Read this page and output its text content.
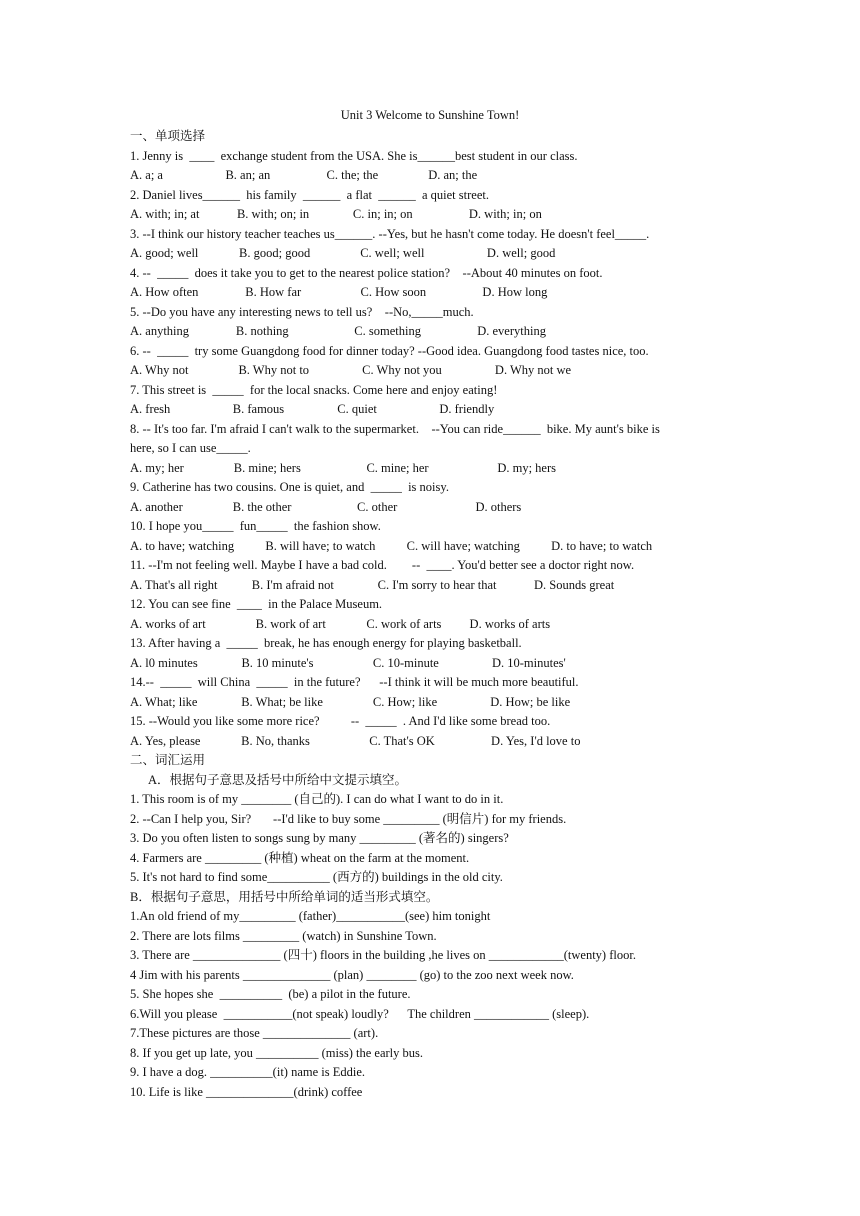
Unit 3 Welcome to Sunshine Town!
一、单项选择
1. Jenny is  ____  exchange student from the USA. She is______best student in our class.
A. a; a                    B. an; an                  C. the; the                D. an; the
2. Daniel lives______  his family  ______  a flat  ______  a quiet street.
A. with; in; at            B. with; on; in              C. in; in; on                  D. with; in; on
3. --I think our history teacher teaches us______. --Yes, but he hasn't come today. He doesn't feel_____.
A. good; well             B. good; good                C. well; well                    D. well; good
4. --  _____  does it take you to get to the nearest police station?    --About 40 minutes on foot.
A. How often               B. How far                   C. How soon                  D. How long
5. --Do you have any interesting news to tell us?    --No,_____much.
A. anything               B. nothing                     C. something                  D. everything
6. --  _____  try some Guangdong food for dinner today? --Good idea. Guangdong food tastes nice, too.
A. Why not                B. Why not to                 C. Why not you                 D. Why not we
7. This street is  _____  for the local snacks. Come here and enjoy eating!
A. fresh                    B. famous                 C. quiet                    D. friendly
8. -- It's too far. I'm afraid I can't walk to the supermarket.    --You can ride______  bike. My aunt's bike is
here, so I can use_____.
A. my; her                B. mine; hers                     C. mine; her                      D. my; hers
9. Catherine has two cousins. One is quiet, and  _____  is noisy.
A. another                B. the other                     C. other                         D. others
10. I hope you_____  fun_____  the fashion show.
A. to have; watching          B. will have; to watch          C. will have; watching          D. to have; to watch
11. --I'm not feeling well. Maybe I have a bad cold.        --  ____. You'd better see a doctor right now.
A. That's all right           B. I'm afraid not              C. I'm sorry to hear that            D. Sounds great
12. You can see fine  ____  in the Palace Museum.
A. works of art                B. work of art             C. work of arts         D. works of arts
13. After having a  _____  break, he has enough energy for playing basketball.
A. l0 minutes              B. 10 minute's                   C. 10-minute                 D. 10-minutes'
14.--  _____  will China  _____  in the future?      --I think it will be much more beautiful.
A. What; like              B. What; be like                C. How; like                 D. How; be like
15. --Would you like some more rice?          --  _____  . And I'd like some bread too.
A. Yes, please             B. No, thanks                   C. That's OK                  D. Yes, I'd love to
二、词汇运用
A．根据句子意思及括号中所给中文提示填空。
1. This room is of my ________ (自己的). I can do what I want to do in it.
2. --Can I help you, Sir?       --I'd like to buy some _________ (明信片) for my friends.
3. Do you often listen to songs sung by many _________ (著名的) singers?
4. Farmers are _________ (种植) wheat on the farm at the moment.
5. It's not hard to find some__________ (西方的) buildings in the old city.
B．根据句子意思，用括号中所给单词的适当形式填空。
1.An old friend of my_________ (father)___________(see) him tonight
2. There are lots films _________ (watch) in Sunshine Town.
3. There are ______________ (四十) floors in the building ,he lives on ____________(twenty) floor.
4 Jim with his parents ______________ (plan) ________ (go) to the zoo next week now.
5. She hopes she  __________  (be) a pilot in the future.
6.Will you please  ___________(not speak) loudly?      The children ____________ (sleep).
7.These pictures are those ______________ (art).
8. If you get up late, you __________ (miss) the early bus.
9. I have a dog. __________(it) name is Eddie.
10. Life is like ______________(drink) coffee
